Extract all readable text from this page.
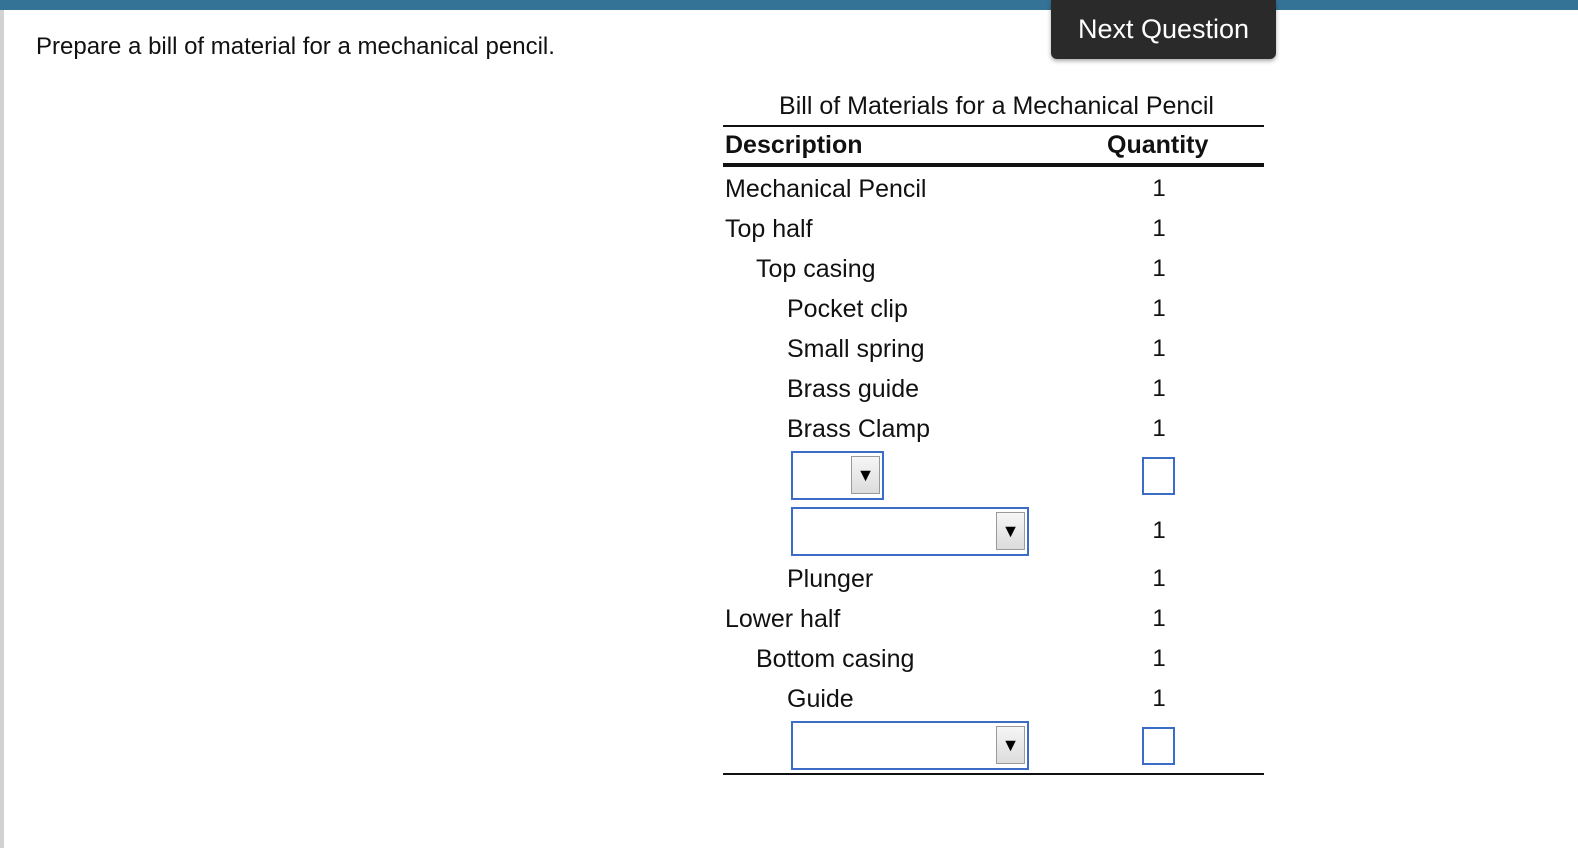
Prepare a bill of material for a mechanical pencil.

Next Question
Bill of Materials for a Mechanical Pencil
Description	Quantity
Mechanical Pencil	1
Top half	1
Top casing	1
Pocket clip	1
Small spring	1
Brass guide	1
Brass Clamp	1
▼
▼	1
Plunger	1
Lower half	1
Bottom casing	1
Guide	1
▼
